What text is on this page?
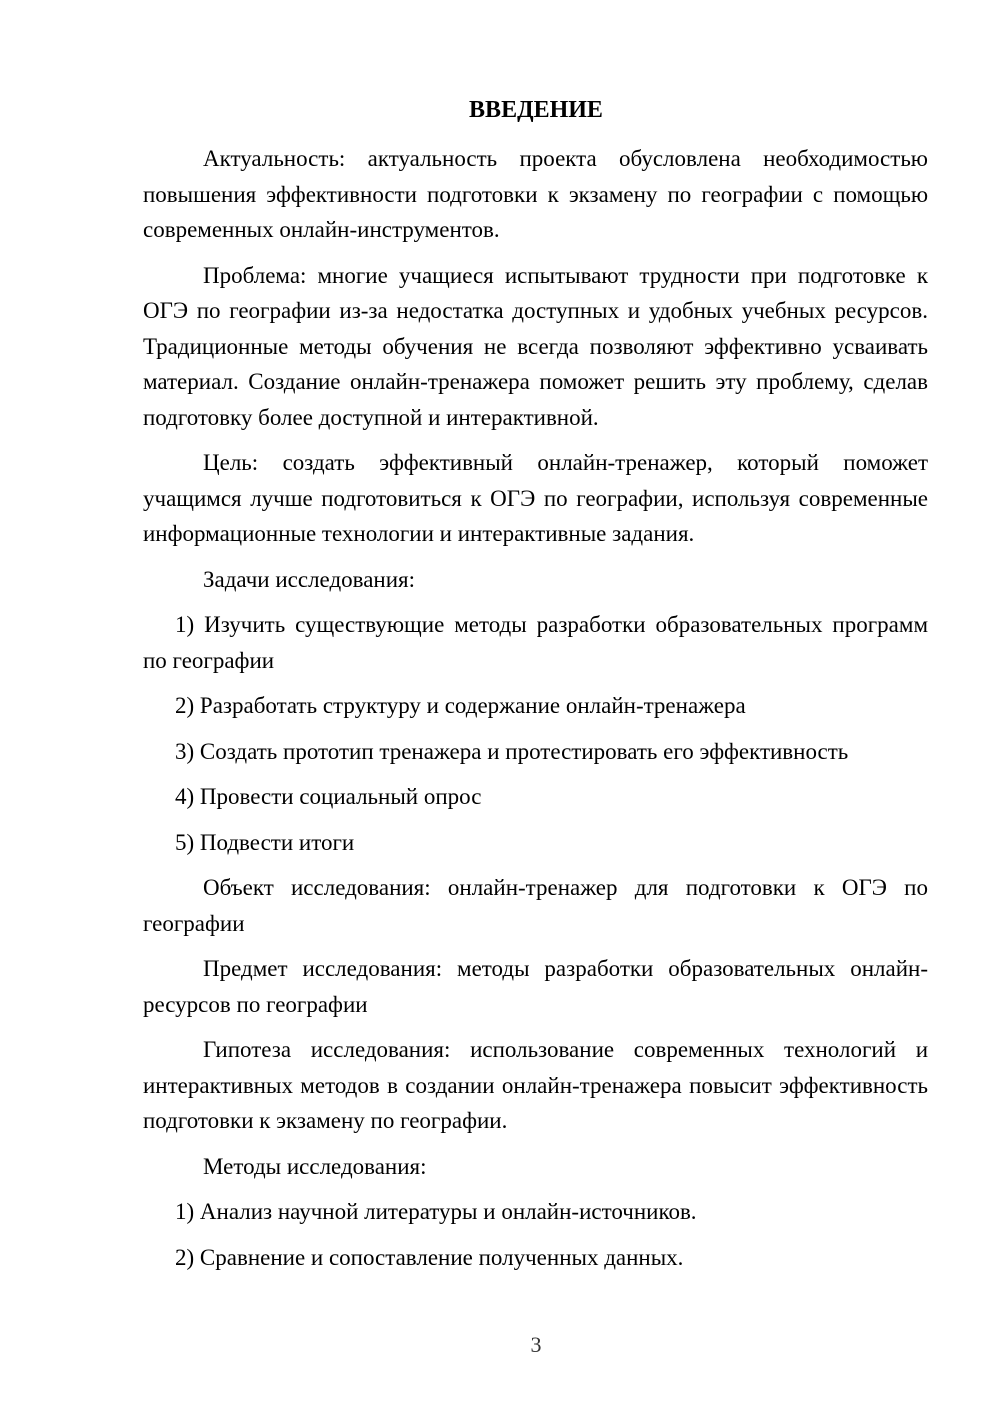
ВВЕДЕНИЕ

Актуальность: актуальность проекта обусловлена необходимостью повышения эффективности подготовки к экзамену по географии с помощью современных онлайн-инструментов.

Проблема: многие учащиеся испытывают трудности при подготовке к ОГЭ по географии из-за недостатка доступных и удобных учебных ресурсов. Традиционные методы обучения не всегда позволяют эффективно усваивать материал. Создание онлайн-тренажера поможет решить эту проблему, сделав подготовку более доступной и интерактивной.

Цель: создать эффективный онлайн-тренажер, который поможет учащимся лучше подготовиться к ОГЭ по географии, используя современные информационные технологии и интерактивные задания.

Задачи исследования:

1) Изучить существующие методы разработки образовательных программ по географии

2) Разработать структуру и содержание онлайн-тренажера

3) Создать прототип тренажера и протестировать его эффективность

4) Провести социальный опрос

5) Подвести итоги

Объект исследования: онлайн-тренажер для подготовки к ОГЭ по географии

Предмет исследования: методы разработки образовательных онлайн-ресурсов по географии

Гипотеза исследования: использование современных технологий и интерактивных методов в создании онлайн-тренажера повысит эффективность подготовки к экзамену по географии.

Методы исследования:

1) Анализ научной литературы и онлайн-источников.

2) Сравнение и сопоставление полученных данных.

3
